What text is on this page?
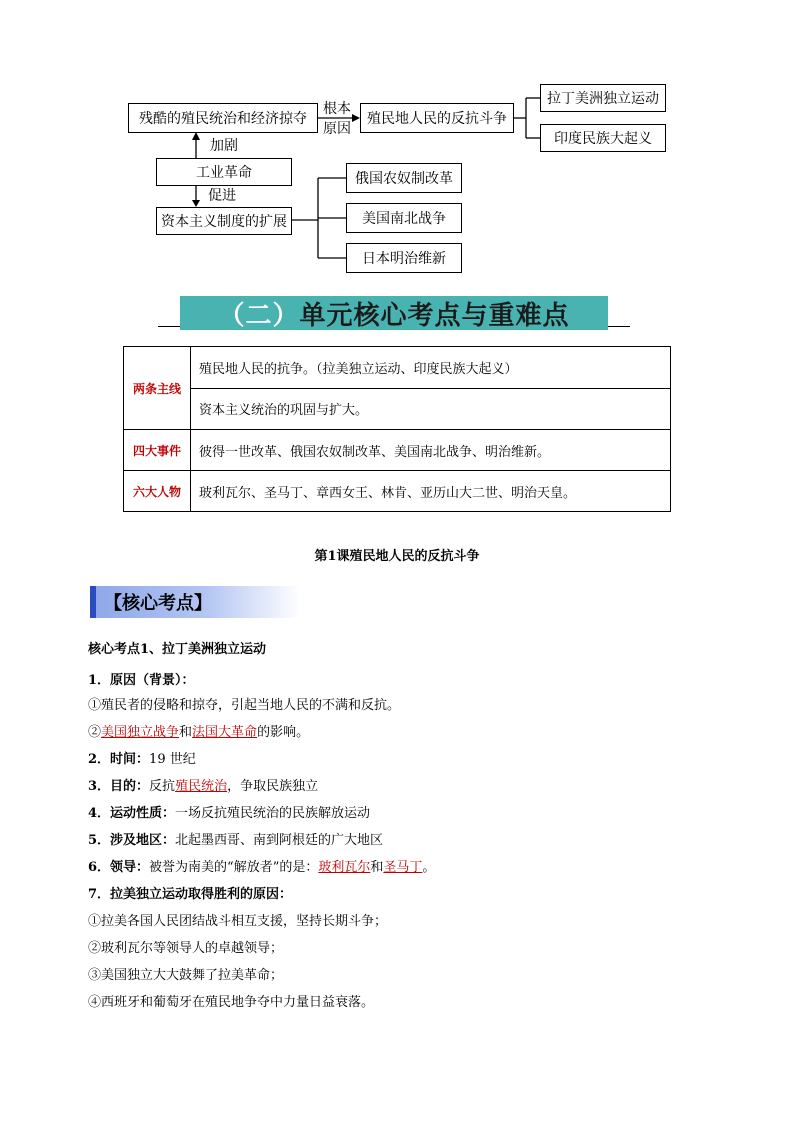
残酷的殖民统治和经济掠夺
根本
原因
殖民地人民的反抗斗争
拉丁美洲独立运动
印度民族大起义
加剧
工业革命
促进
资本主义制度的扩展
俄国农奴制改革
美国南北战争
日本明治维新
（ 二 ） 单元核心考点与重难点
两条主线	殖民地人民的抗争。（拉美独立运动、印度民族大起义）
	资本主义统治的巩固与扩大。
四大事件	彼得一世改革、俄国农奴制改革、美国南北战争、明治维新。
六大人物	玻利瓦尔、圣马丁、章西女王、林肯、亚历山大二世、明治天皇。
第1课殖民地人民的反抗斗争
【核心考点】
核心考点1、拉丁美洲独立运动
1．原因（背景）：
①殖民者的侵略和掠夺，引起当地人民的不满和反抗。
②美国独立战争和法国大革命的影响。
2．时间：19 世纪
3．目的：反抗殖民统治，争取民族独立
4．运动性质：一场反抗殖民统治的民族解放运动
5．涉及地区：北起墨西哥、南到阿根廷的广大地区
6．领导：被誉为南美的“解放者”的是：玻利瓦尔和圣马丁。
7．拉美独立运动取得胜利的原因：
①拉美各国人民团结战斗相互支援，坚持长期斗争；
②玻利瓦尔等领导人的卓越领导；
③美国独立大大鼓舞了拉美革命；
④西班牙和葡萄牙在殖民地争夺中力量日益衰落。
